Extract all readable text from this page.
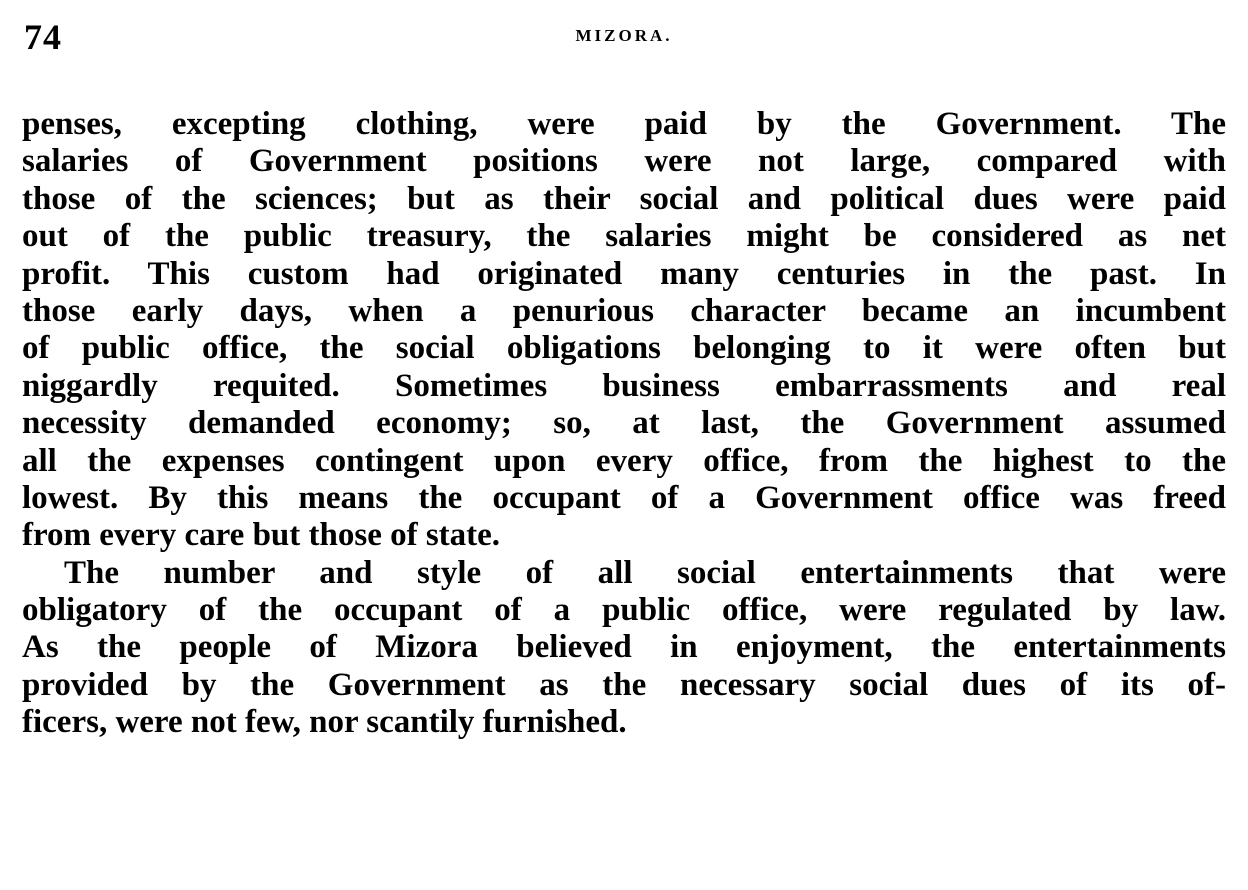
74	MIZORA.

penses, excepting clothing, were paid by the Government. The
salaries of Government positions were not large, compared with
those of the sciences; but as their social and political dues were paid
out of the public treasury, the salaries might be considered as net
profit. This custom had originated many centuries in the past. In
those early days, when a penurious character became an incumbent
of public office, the social obligations belonging to it were often but
niggardly requited. Sometimes business embarrassments and real
necessity demanded economy; so, at last, the Government assumed
all the expenses contingent upon every office, from the highest to the
lowest. By this means the occupant of a Government office was freed
from every care but those of state.

The number and style of all social entertainments that were
obligatory of the occupant of a public office, were regulated by law.
As the people of Mizora believed in enjoyment, the entertainments
provided by the Government as the necessary social dues of its of-
ficers, were not few, nor scantily furnished.
